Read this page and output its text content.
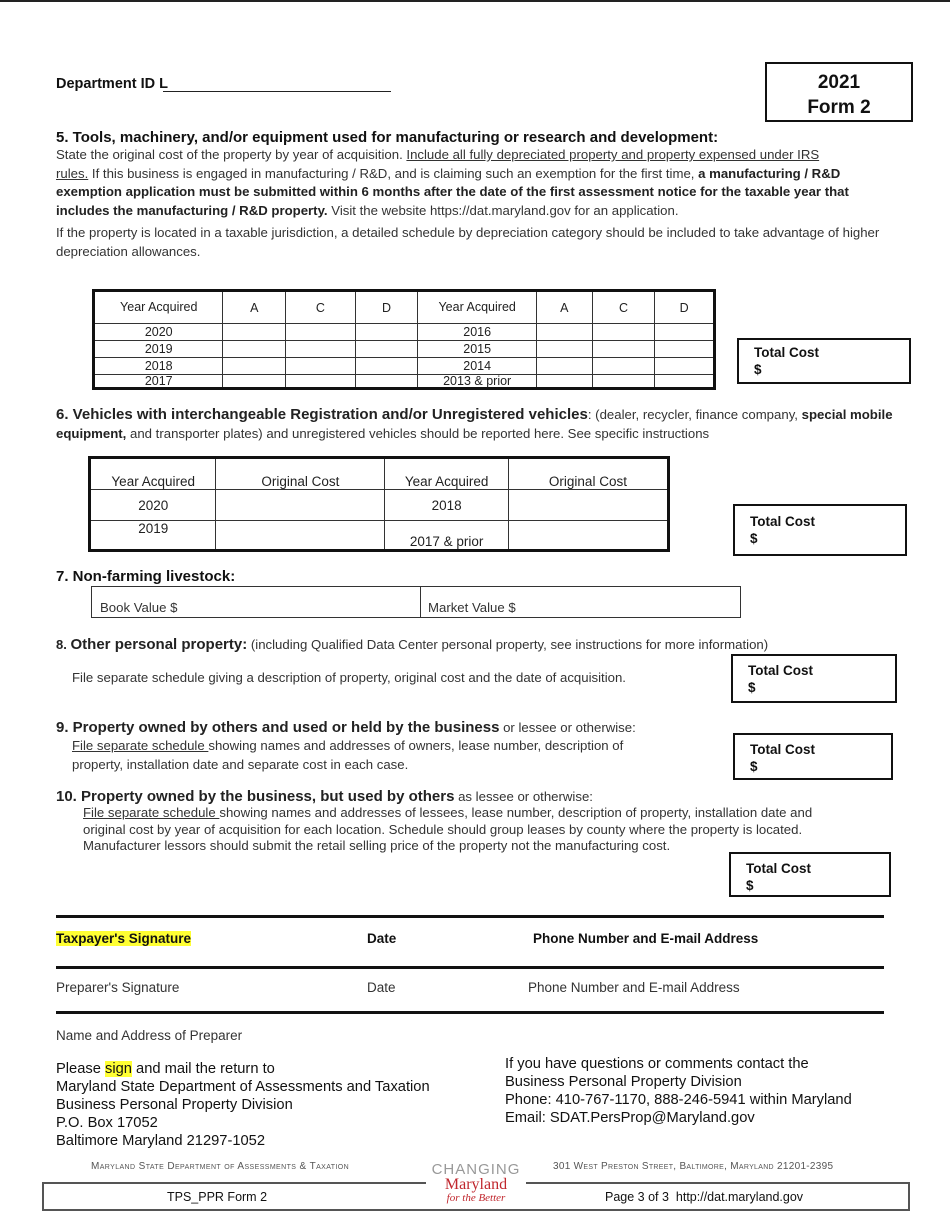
Department ID L	2021
Form 2
5. Tools, machinery, and/or equipment used for manufacturing or research and development:
State the original cost of the property by year of acquisition. Include all fully depreciated property and property expensed under IRS
rules. If this business is engaged in manufacturing / R&D, and is claiming such an exemption for the first time, a manufacturing / R&D exemption application must be submitted within 6 months after the date of the first assessment notice for the taxable year that includes the manufacturing / R&D property. Visit the website https://dat.maryland.gov for an application.
If the property is located in a taxable jurisdiction, a detailed schedule by depreciation category should be included to take advantage of higher depreciation allowances.
Year Acquired	A	C	D	Year Acquired	A	C	D
2020				2016			
2019				2015			
2018				2014			
2017				2013 & prior			
Total Cost
$
6. Vehicles with interchangeable Registration and/or Unregistered vehicles: (dealer, recycler, finance company, special mobile equipment, and transporter plates) and unregistered vehicles should be reported here. See specific instructions
Year Acquired	Original Cost	Year Acquired	Original Cost
2020		2018	
2019		2017 & prior	
Total Cost
$
7. Non-farming livestock:
Book Value $	Market Value $
8. Other personal property: (including Qualified Data Center personal property, see instructions for more information)
File separate schedule giving a description of property, original cost and the date of acquisition.	Total Cost
$
9. Property owned by others and used or held by the business or lessee or otherwise:
File separate schedule showing names and addresses of owners, lease number, description of
property, installation date and separate cost in each case.
Total Cost
$
10. Property owned by the business, but used by others as lessee or otherwise:
File separate schedule showing names and addresses of lessees, lease number, description of property, installation date and
original cost by year of acquisition for each location. Schedule should group leases by county where the property is located.
Manufacturer lessors should submit the retail selling price of the property not the manufacturing cost.
Total Cost
$
Taxpayer's Signature	Date	Phone Number and E-mail Address
Preparer's Signature	Date	Phone Number and E-mail Address
Name and Address of Preparer
Please sign and mail the return to
Maryland State Department of Assessments and Taxation
Business Personal Property Division
P.O. Box 17052
Baltimore Maryland 21297-1052
If you have questions or comments contact the
Business Personal Property Division
Phone: 410-767-1170, 888-246-5941 within Maryland
Email: SDAT.PersProp@Maryland.gov
Maryland State Department of Assessments & Taxation	301 West Preston Street, Baltimore, Maryland 21201-2395
CHANGING
Maryland
for the Better
TPS_PPR Form 2	Page 3 of 3 http://dat.maryland.gov
